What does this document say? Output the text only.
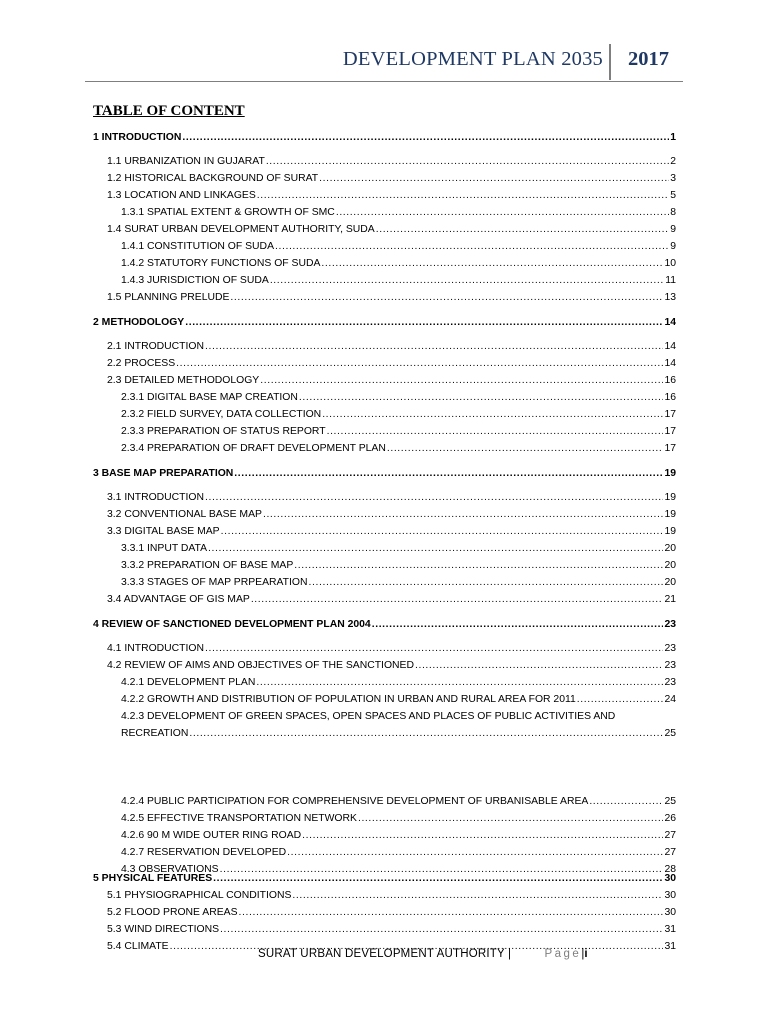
DEVELOPMENT PLAN 2035 2017
TABLE OF CONTENT
1 INTRODUCTION .....	1
1.1 URBANIZATION IN GUJARAT .....	2
1.2 HISTORICAL BACKGROUND OF SURAT .....	3
1.3 LOCATION AND LINKAGES .....	5
1.3.1 SPATIAL EXTENT & GROWTH OF SMC .....	8
1.4 SURAT URBAN DEVELOPMENT AUTHORITY, SUDA .....	9
1.4.1 CONSTITUTION OF SUDA .....	9
1.4.2 STATUTORY FUNCTIONS OF SUDA .....	10
1.4.3 JURISDICTION OF SUDA .....	11
1.5 PLANNING PRELUDE .....	13
2 METHODOLOGY .....	14
2.1 INTRODUCTION .....	14
2.2 PROCESS .....	14
2.3 DETAILED METHODOLOGY .....	16
2.3.1 DIGITAL BASE MAP CREATION .....	16
2.3.2 FIELD SURVEY, DATA COLLECTION .....	17
2.3.3 PREPARATION OF STATUS REPORT .....	17
2.3.4 PREPARATION OF DRAFT DEVELOPMENT PLAN .....	17
3 BASE MAP PREPARATION .....	19
3.1 INTRODUCTION .....	19
3.2 CONVENTIONAL BASE MAP .....	19
3.3 DIGITAL BASE MAP .....	19
3.3.1 INPUT DATA .....	20
3.3.2 PREPARATION OF BASE MAP .....	20
3.3.3 STAGES OF MAP PRPEARATION .....	20
3.4 ADVANTAGE OF GIS MAP .....	21
4 REVIEW OF SANCTIONED DEVELOPMENT PLAN 2004 .....	23
4.1 INTRODUCTION .....	23
4.2 REVIEW OF AIMS AND OBJECTIVES OF THE SANCTIONED .....	23
4.2.1 DEVELOPMENT PLAN .....	23
4.2.2 GROWTH AND DISTRIBUTION OF POPULATION IN URBAN AND RURAL AREA FOR 2011 .....	24
4.2.3 DEVELOPMENT OF GREEN SPACES, OPEN SPACES AND PLACES OF PUBLIC ACTIVITIES AND
RECREATION .....	25
4.2.4 PUBLIC PARTICIPATION FOR COMPREHENSIVE DEVELOPMENT OF URBANISABLE AREA .....	25
4.2.5 EFFECTIVE TRANSPORTATION NETWORK .....	26
4.2.6 90 M WIDE OUTER RING ROAD .....	27
4.2.7 RESERVATION DEVELOPED .....	27
4.3 OBSERVATIONS .....	28
5 PHYSICAL FEATURES .....	30
5.1 PHYSIOGRAPHICAL CONDITIONS .....	30
5.2 FLOOD PRONE AREAS .....	30
5.3 WIND DIRECTIONS .....	31
5.4 CLIMATE .....	31
SURAT URBAN DEVELOPMENT AUTHORITY |	Page|i
